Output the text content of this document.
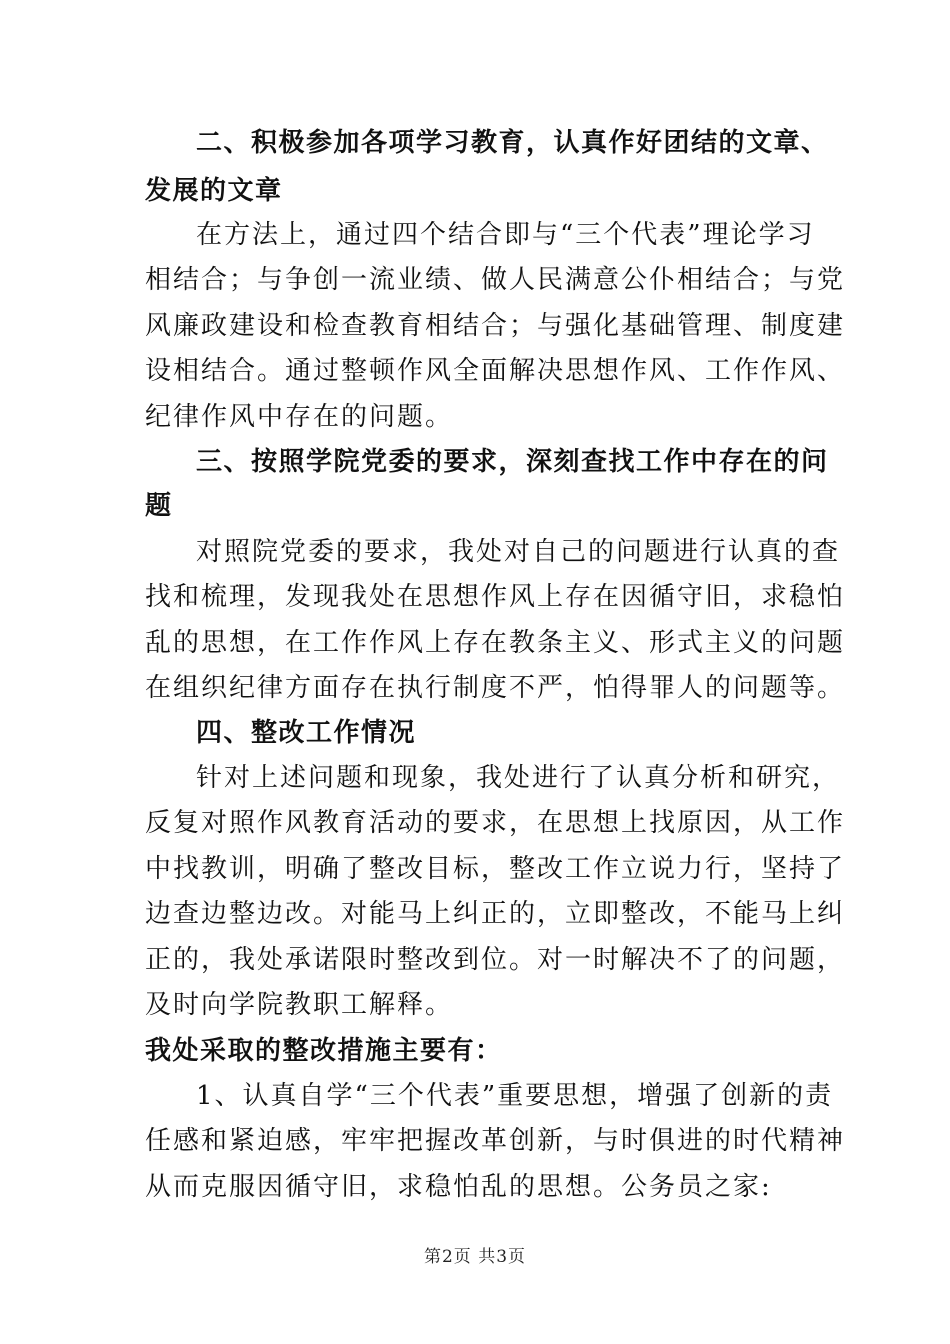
二、积极参加各项学习教育，认真作好团结的文章、
发展的文章
在方法上，通过四个结合即与“三个代表”理论学习
相结合；与争创一流业绩、做人民满意公仆相结合；与党
风廉政建设和检查教育相结合；与强化基础管理、制度建
设相结合。通过整顿作风全面解决思想作风、工作作风、
纪律作风中存在的问题。
三、按照学院党委的要求，深刻查找工作中存在的问
题
对照院党委的要求，我处对自己的问题进行认真的查
找和梳理，发现我处在思想作风上存在因循守旧，求稳怕
乱的思想，在工作作风上存在教条主义、形式主义的问题
在组织纪律方面存在执行制度不严，怕得罪人的问题等。
四、整改工作情况
针对上述问题和现象，我处进行了认真分析和研究，
反复对照作风教育活动的要求，在思想上找原因，从工作
中找教训，明确了整改目标，整改工作立说力行，坚持了
边查边整边改。对能马上纠正的，立即整改，不能马上纠
正的，我处承诺限时整改到位。对一时解决不了的问题，
及时向学院教职工解释。
我处采取的整改措施主要有：
1、认真自学“三个代表”重要思想，增强了创新的责
任感和紧迫感，牢牢把握改革创新，与时俱进的时代精神
从而克服因循守旧，求稳怕乱的思想。公务员之家:
第2页 共3页
